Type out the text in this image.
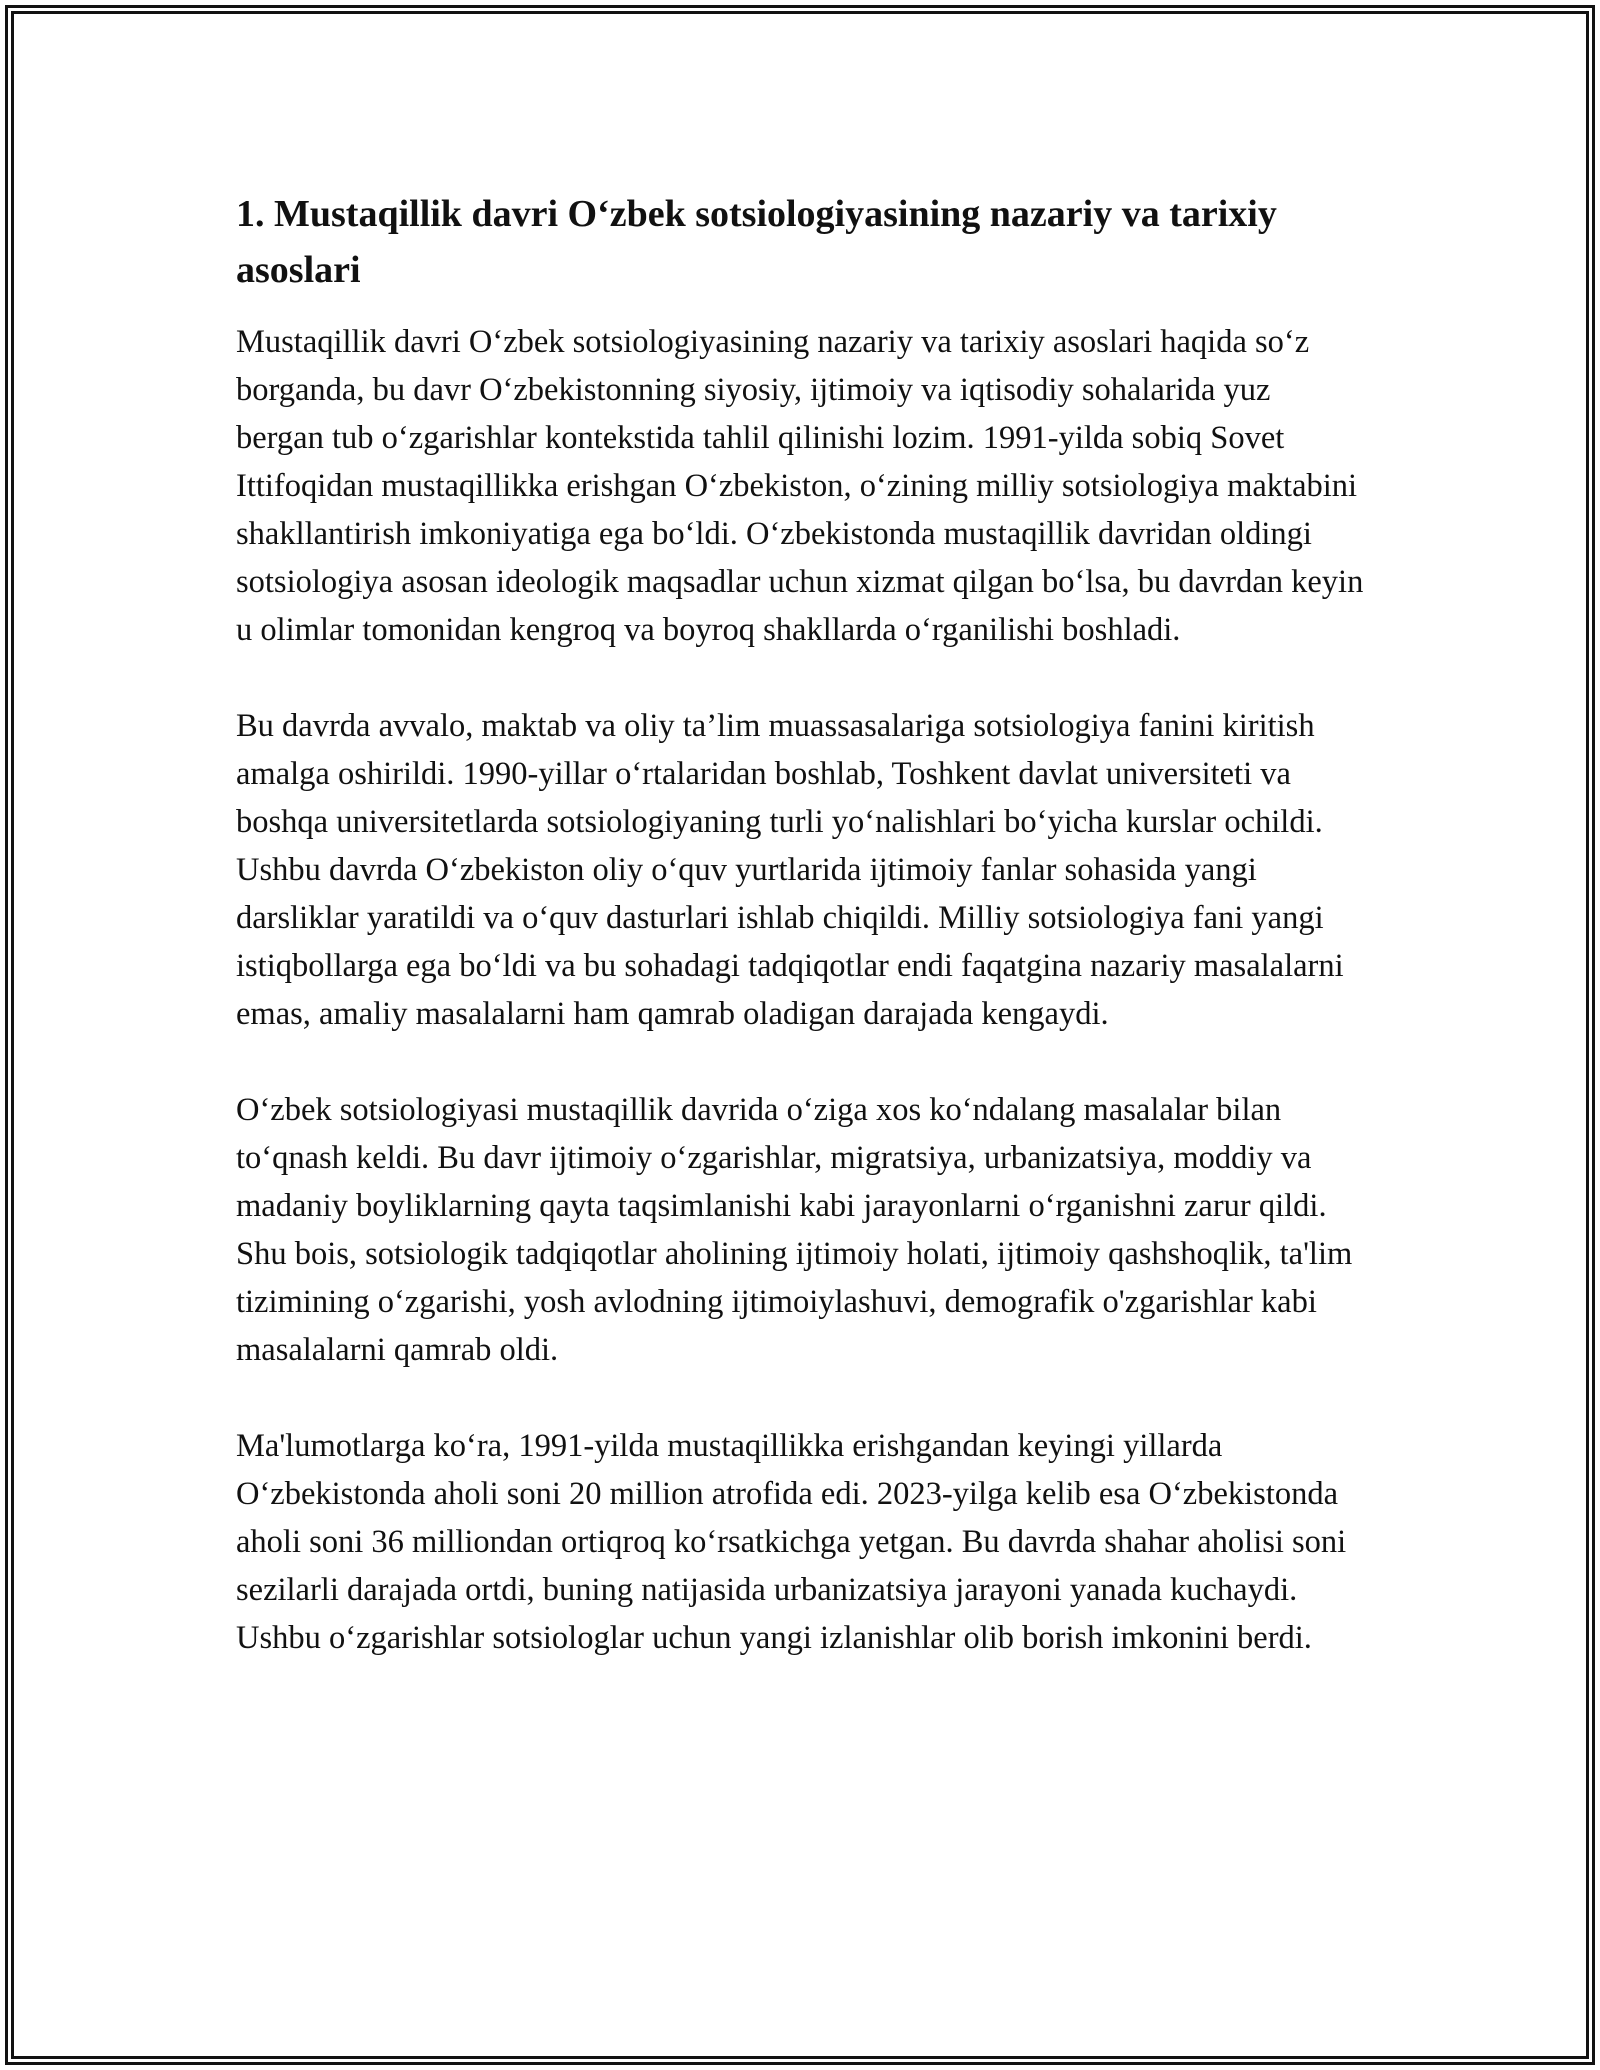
1. Mustaqillik davri O‘zbek sotsiologiyasining nazariy va tarixiy asoslari

Mustaqillik davri O‘zbek sotsiologiyasining nazariy va tarixiy asoslari haqida so‘z borganda, bu davr O‘zbekistonning siyosiy, ijtimoiy va iqtisodiy sohalarida yuz bergan tub o‘zgarishlar kontekstida tahlil qilinishi lozim. 1991-yilda sobiq Sovet Ittifoqidan mustaqillikka erishgan O‘zbekiston, o‘zining milliy sotsiologiya maktabini shakllantirish imkoniyatiga ega bo‘ldi. O‘zbekistonda mustaqillik davridan oldingi sotsiologiya asosan ideologik maqsadlar uchun xizmat qilgan bo‘lsa, bu davrdan keyin u olimlar tomonidan kengroq va boyroq shakllarda o‘rganilishi boshladi.

Bu davrda avvalo, maktab va oliy ta’lim muassasalariga sotsiologiya fanini kiritish amalga oshirildi. 1990-yillar o‘rtalaridan boshlab, Toshkent davlat universiteti va boshqa universitetlarda sotsiologiyaning turli yo‘nalishlari bo‘yicha kurslar ochildi. Ushbu davrda O‘zbekiston oliy o‘quv yurtlarida ijtimoiy fanlar sohasida yangi darsliklar yaratildi va o‘quv dasturlari ishlab chiqildi. Milliy sotsiologiya fani yangi istiqbollarga ega bo‘ldi va bu sohadagi tadqiqotlar endi faqatgina nazariy masalalarni emas, amaliy masalalarni ham qamrab oladigan darajada kengaydi.

O‘zbek sotsiologiyasi mustaqillik davrida o‘ziga xos ko‘ndalang masalalar bilan to‘qnash keldi. Bu davr ijtimoiy o‘zgarishlar, migratsiya, urbanizatsiya, moddiy va madaniy boyliklarning qayta taqsimlanishi kabi jarayonlarni o‘rganishni zarur qildi. Shu bois, sotsiologik tadqiqotlar aholining ijtimoiy holati, ijtimoiy qashshoqlik, ta'lim tizimining o‘zgarishi, yosh avlodning ijtimoiylashuvi, demografik o'zgarishlar kabi masalalarni qamrab oldi.

Ma'lumotlarga ko‘ra, 1991-yilda mustaqillikka erishgandan keyingi yillarda O‘zbekistonda aholi soni 20 million atrofida edi. 2023-yilga kelib esa O‘zbekistonda aholi soni 36 milliondan ortiqroq ko‘rsatkichga yetgan. Bu davrda shahar aholisi soni sezilarli darajada ortdi, buning natijasida urbanizatsiya jarayoni yanada kuchaydi. Ushbu o‘zgarishlar sotsiologlar uchun yangi izlanishlar olib borish imkonini berdi.
